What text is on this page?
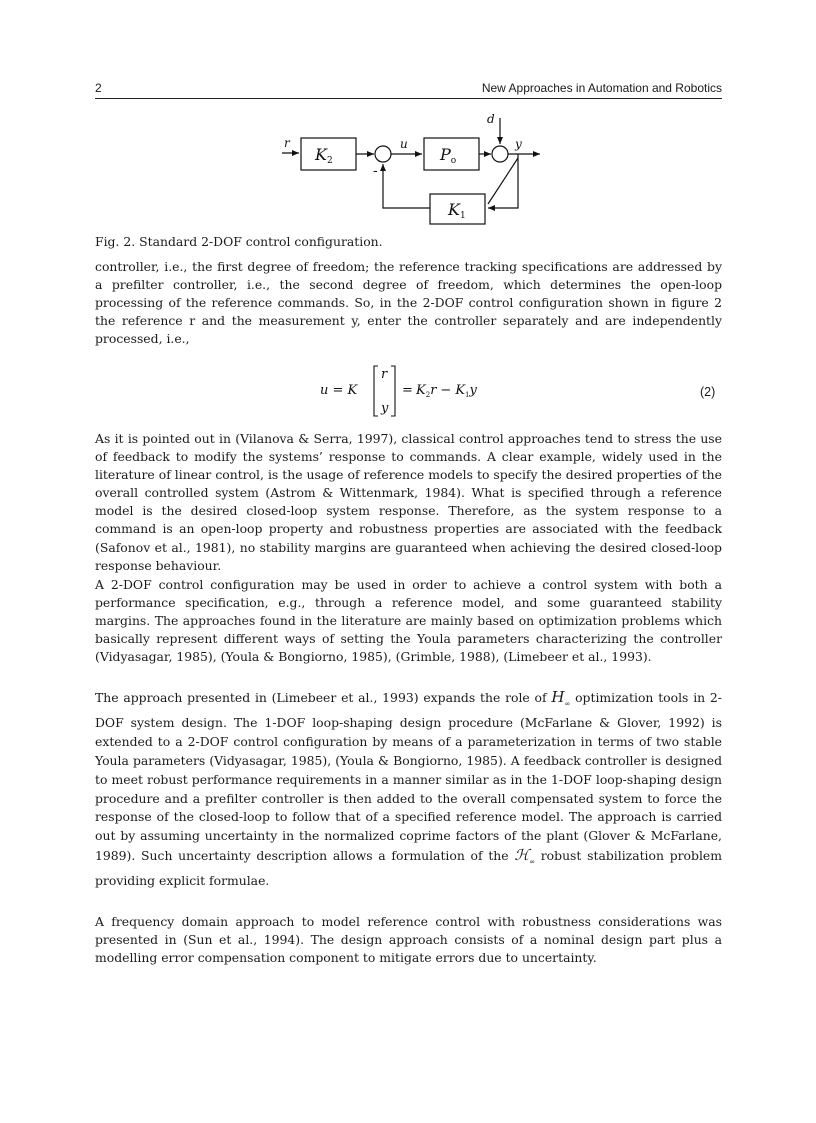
2	New Approaches in Automation and Robotics
r
K2
u
-
Po
d
y
K1
Fig. 2. Standard 2-DOF control configuration.

controller, i.e., the first degree of freedom; the reference tracking specifications are addressed by a prefilter controller, i.e., the second degree of freedom, which determines the open-loop processing of the reference commands. So, in the 2-DOF control configuration shown in figure 2 the reference r and the measurement y, enter the controller separately and are independently processed, i.e.,

u = K
r
y
= $K_2r - K_1y$	(2)

As it is pointed out in (Vilanova & Serra, 1997), classical control approaches tend to stress the use of feedback to modify the systems’ response to commands. A clear example, widely used in the literature of linear control, is the usage of reference models to specify the desired properties of the overall controlled system (Astrom & Wittenmark, 1984). What is specified through a reference model is the desired closed-loop system response. Therefore, as the system response to a command is an open-loop property and robustness properties are associated with the feedback (Safonov et al., 1981), no stability margins are guaranteed when achieving the desired closed-loop response behaviour.

A 2-DOF control configuration may be used in order to achieve a control system with both a performance specification, e.g., through a reference model, and some guaranteed stability margins. The approaches found in the literature are mainly based on optimization problems which basically represent different ways of setting the Youla parameters characterizing the controller (Vidyasagar, 1985), (Youla & Bongiorno, 1985), (Grimble, 1988), (Limebeer et al., 1993).

The approach presented in (Limebeer et al., 1993) expands the role of $H_\infty$ optimization tools in 2-DOF system design. The 1-DOF loop-shaping design procedure (McFarlane & Glover, 1992) is extended to a 2-DOF control configuration by means of a parameterization in terms of two stable Youla parameters (Vidyasagar, 1985), (Youla & Bongiorno, 1985). A feedback controller is designed to meet robust performance requirements in a manner similar as in the 1-DOF loop-shaping design procedure and a prefilter controller is then added to the overall compensated system to force the response of the closed-loop to follow that of a specified reference model. The approach is carried out by assuming uncertainty in the normalized coprime factors of the plant (Glover & McFarlane, 1989). Such uncertainty description allows a formulation of the ℋ$_\infty$ robust stabilization problem providing explicit formulae.

A frequency domain approach to model reference control with robustness considerations was presented in (Sun et al., 1994). The design approach consists of a nominal design part plus a modelling error compensation component to mitigate errors due to uncertainty.
